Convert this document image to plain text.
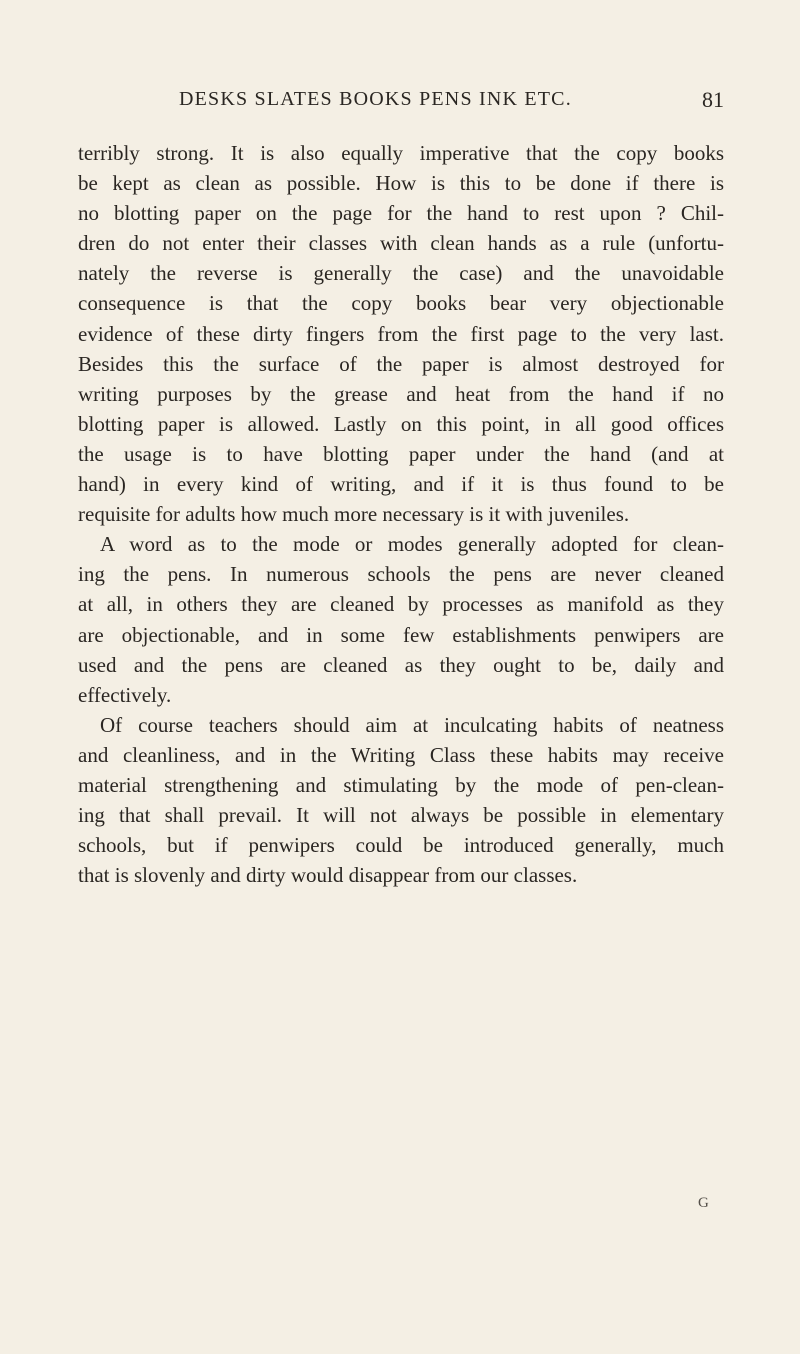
DESKS SLATES BOOKS PENS INK ETC.	81
terribly strong. It is also equally imperative that the copy books
be kept as clean as possible. How is this to be done if there is
no blotting paper on the page for the hand to rest upon ? Chil-
dren do not enter their classes with clean hands as a rule (unfortu-
nately the reverse is generally the case) and the unavoidable
consequence is that the copy books bear very objectionable
evidence of these dirty fingers from the first page to the very last.
Besides this the surface of the paper is almost destroyed for
writing purposes by the grease and heat from the hand if no
blotting paper is allowed. Lastly on this point, in all good offices
the usage is to have blotting paper under the hand (and at
hand) in every kind of writing, and if it is thus found to be
requisite for adults how much more necessary is it with juveniles.
A word as to the mode or modes generally adopted for clean-
ing the pens. In numerous schools the pens are never cleaned
at all, in others they are cleaned by processes as manifold as they
are objectionable, and in some few establishments penwipers are
used and the pens are cleaned as they ought to be, daily and
effectively.
Of course teachers should aim at inculcating habits of neatness
and cleanliness, and in the Writing Class these habits may receive
material strengthening and stimulating by the mode of pen-clean-
ing that shall prevail. It will not always be possible in elementary
schools, but if penwipers could be introduced generally, much
that is slovenly and dirty would disappear from our classes.
G
